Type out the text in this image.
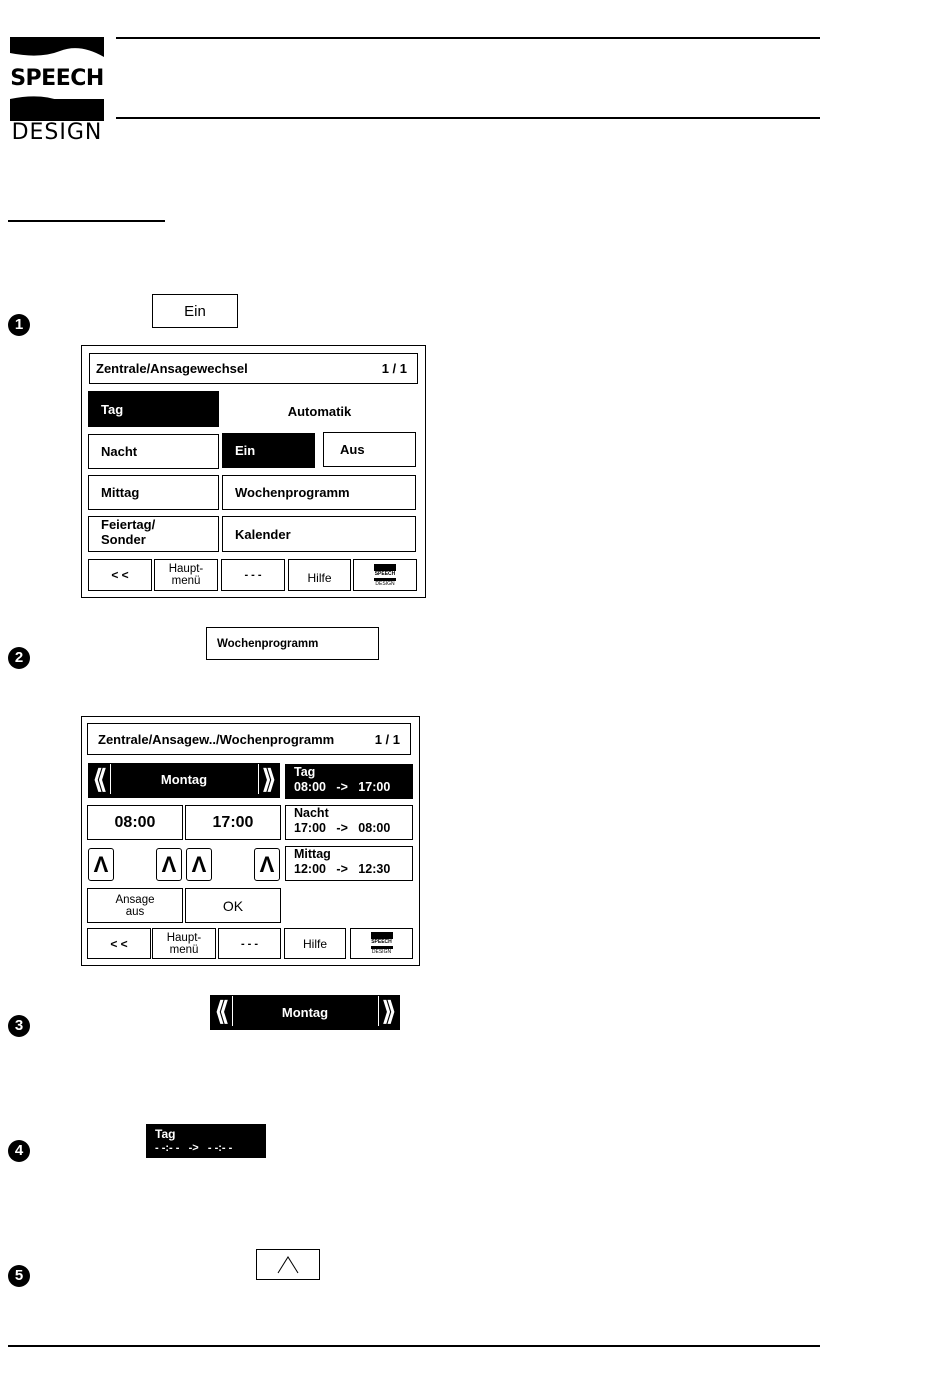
SPEECH
DESIGN
1
Ein
Zentrale/Ansagewechsel	1 / 1
Tag	Automatik
Nacht	Ein	Aus
Mittag	Wochenprogramm
Feiertag/
Sonder	Kalender
< <	Haupt-
menü	- - -	Hilfe	SPEECH
DESIGN
2
Wochenprogramm
Zentrale/Ansagew../Wochenprogramm	1 / 1
⟪	Montag	⟫	Tag
08:00 -> 17:00
Nacht
17:00 -> 08:00
Mittag
12:00 -> 12:30
08:00	17:00
Λ Λ Λ Λ
Ansage
aus	OK
< <	Haupt-
menü	- - -	Hilfe	SPEECH
DESIGN
3	⟪	Montag	⟫
4
Tag
- -:- -   ->   - -:- -
5
